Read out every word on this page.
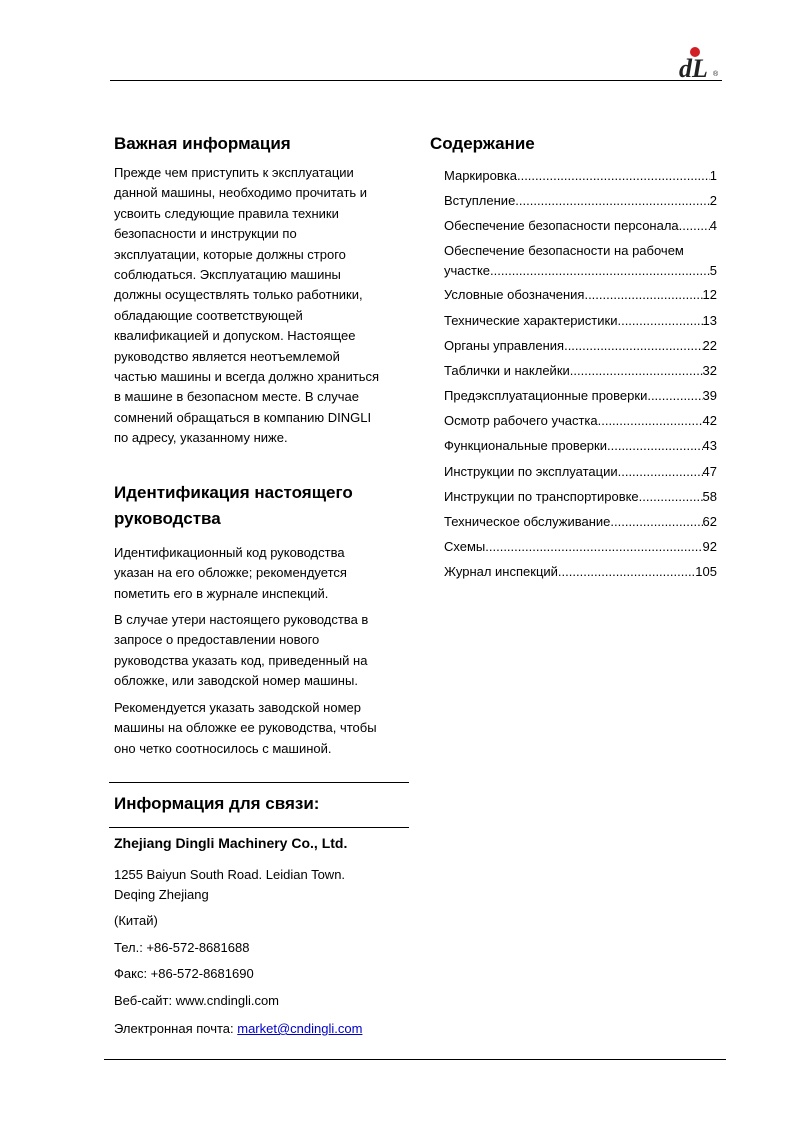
dL ®
Важная информация
Прежде чем приступить к эксплуатации
данной машины, необходимо прочитать и
усвоить следующие правила техники
безопасности и инструкции по
эксплуатации, которые должны строго
соблюдаться. Эксплуатацию машины
должны осуществлять только работники,
обладающие соответствующей
квалификацией и допуском. Настоящее
руководство является неотъемлемой
частью машины и всегда должно храниться
в машине в безопасном месте. В случае
сомнений обращаться в компанию DINGLI
по адресу, указанному ниже.
Идентификация настоящего
руководства
Идентификационный код руководства
указан на его обложке; рекомендуется
пометить его в журнале инспекций.
В случае утери настоящего руководства в
запросе о предоставлении нового
руководства указать код, приведенный на
обложке, или заводской номер машины.
Рекомендуется указать заводской номер
машины на обложке ее руководства, чтобы
оно четко соотносилось с машиной.
Информация для связи:
Zhejiang Dingli Machinery Co., Ltd.
1255 Baiyun South Road. Leidian Town.
Deqing Zhejiang
(Китай)
Тел.: +86-572-8681688
Факс: +86-572-8681690
Веб-сайт: www.cndingli.com
Электронная почта: market@cndingli.com
Содержание
Маркировка .....	1
Вступление .....	2
Обеспечение безопасности персонала ..... 4
Обеспечение безопасности на рабочем
участке .....	5
Условные обозначения .....	12
Технические характеристики .....	13
Органы управления .....	22
Таблички и наклейки .....	32
Предэксплуатационные проверки .....	39
Осмотр рабочего участка .....	42
Функциональные проверки .....	43
Инструкции по эксплуатации .....	47
Инструкции по транспортировке .....	58
Техническое обслуживание .....	62
Схемы .....	92
Журнал инспекций .....	105
